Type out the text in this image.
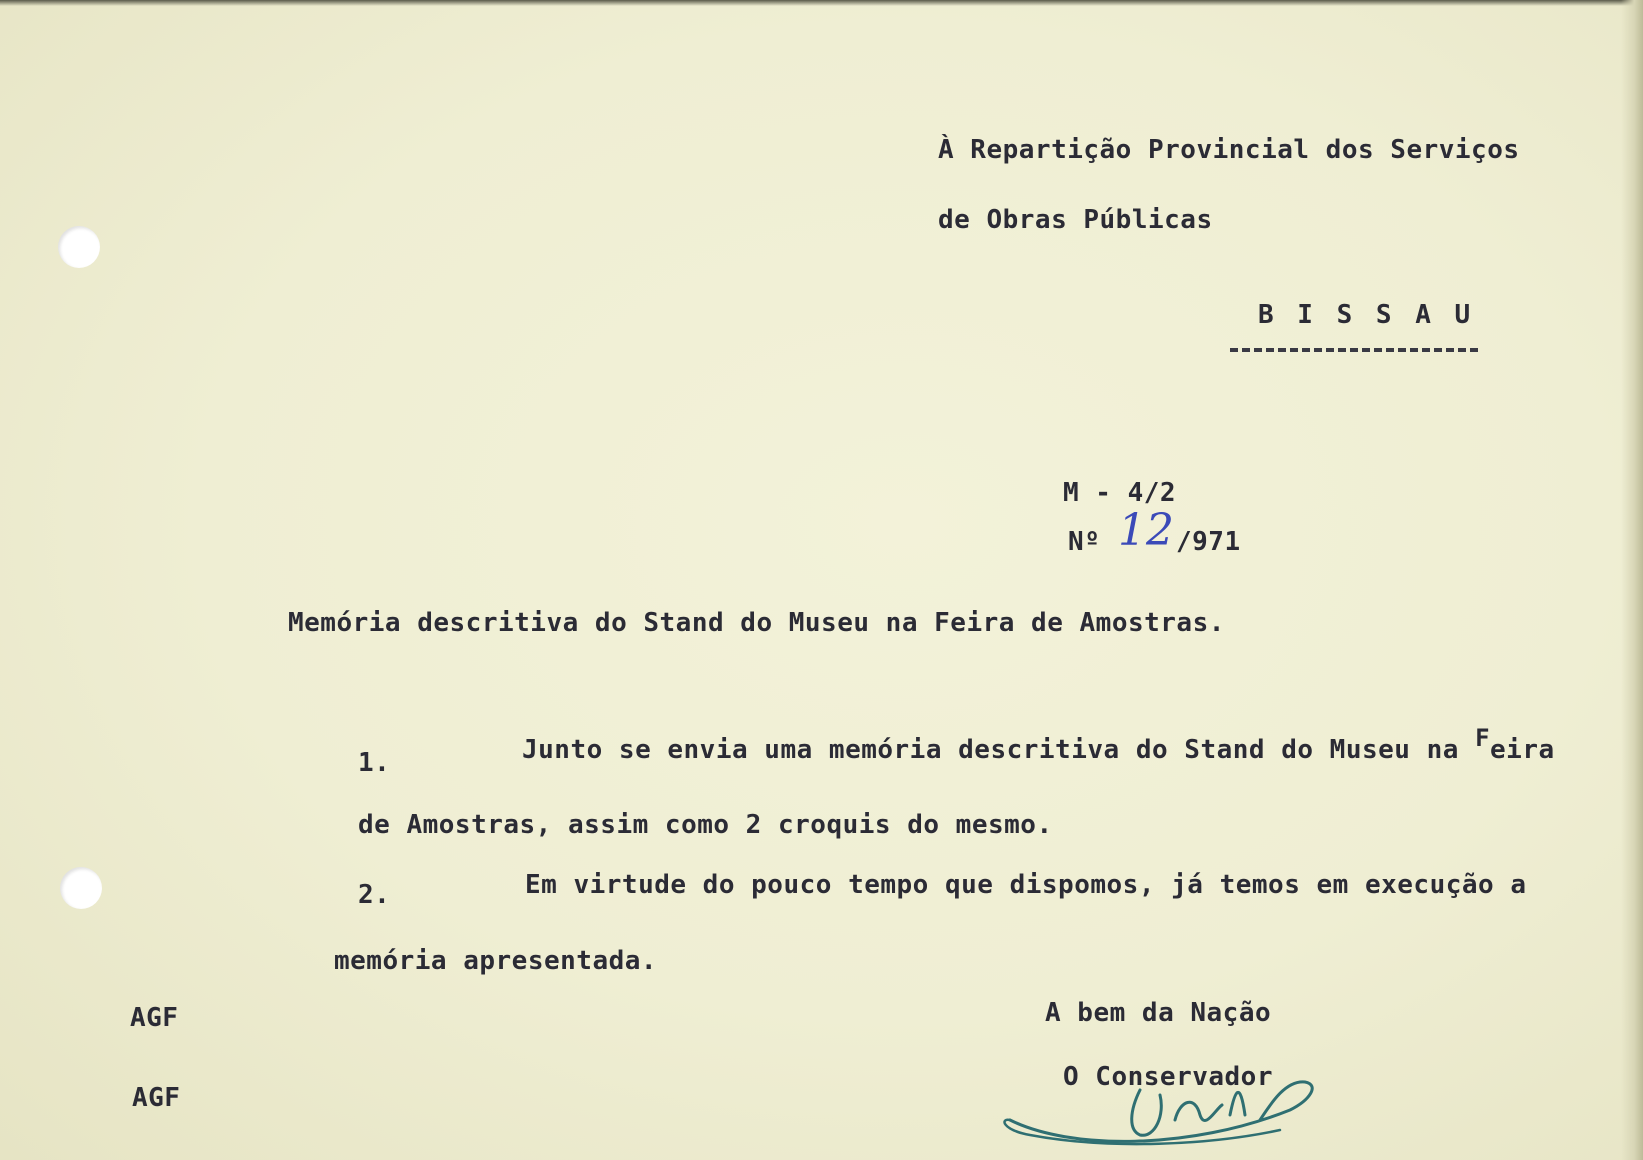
À Repartição Provincial dos Serviços

de Obras Públicas

B I S S A U

M - 4/2

Nº 12 /971

Memória descritiva do Stand do Museu na Feira de Amostras.

1.	Junto se envia uma memória descritiva do Stand do Museu na Feira

de Amostras, assim como 2 croquis do mesmo.

2.	Em virtude do pouco tempo que dispomos, já temos em execução a

memória apresentada.

AGF

AGF

A bem da Nação

O Conservador
